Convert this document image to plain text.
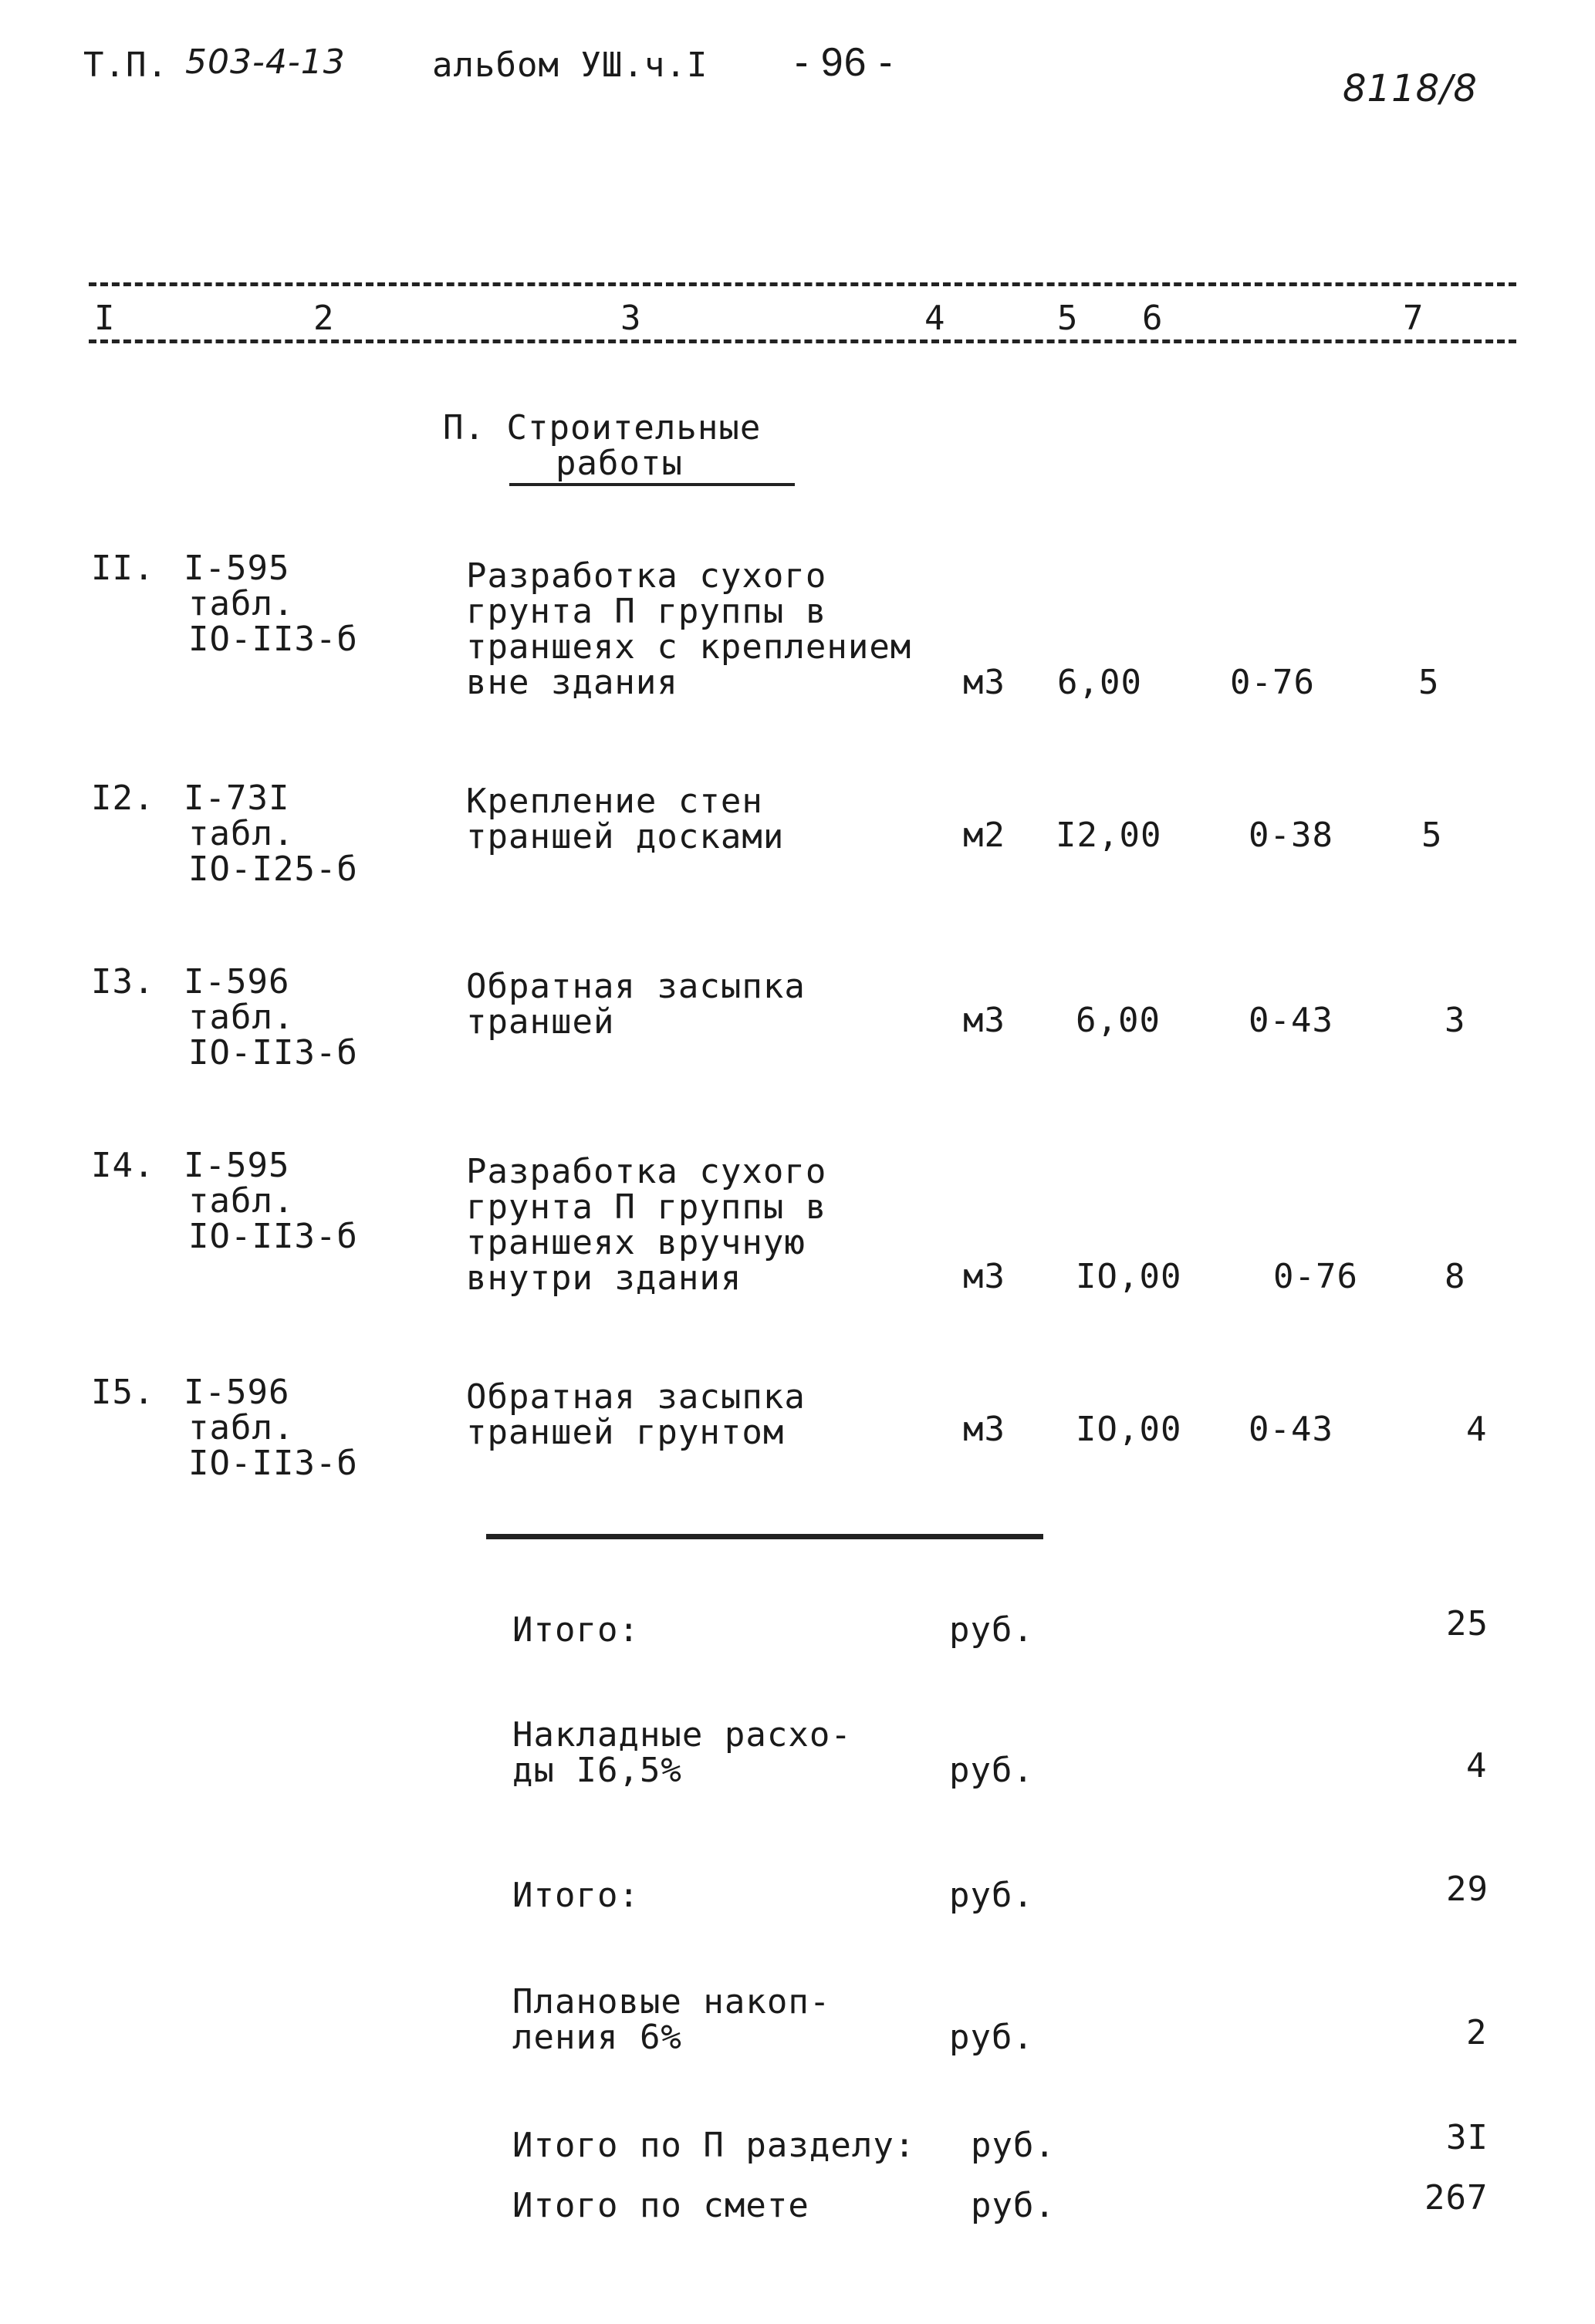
Т.П. 503-4-13	альбом УШ.ч.I - 96 -
8118/8
I	2	3	4	5 6	7
П. Строительные
работы
II. I-595
табл.
IO-II3-б
Разработка сухого
грунта П группы в
траншеях с креплением
вне здания	м3 6,00	0-76	5
I2. I-73I
табл.
IO-I25-б
Крепление стен
траншей досками	м2 I2,00	0-38	5
I3. I-596
табл.
IO-II3-б
Обратная засыпка
траншей	м3 6,00	0-43	3
I4. I-595
табл.
IO-II3-б
Разработка сухого
грунта П группы в
траншеях вручную
внутри здания	м3 IO,00	0-76	8
I5. I-596
табл.
IO-II3-б
Обратная засыпка
траншей грунтом	м3 IO,00 0-43	4
Итого:	руб.	25
Накладные расхо-
ды I6,5%	руб.	4
Итого:	руб.	29
Плановые накоп-
ления 6%	руб.	2
Итого по П разделу: руб.	3I
Итого по смете	руб.	267
